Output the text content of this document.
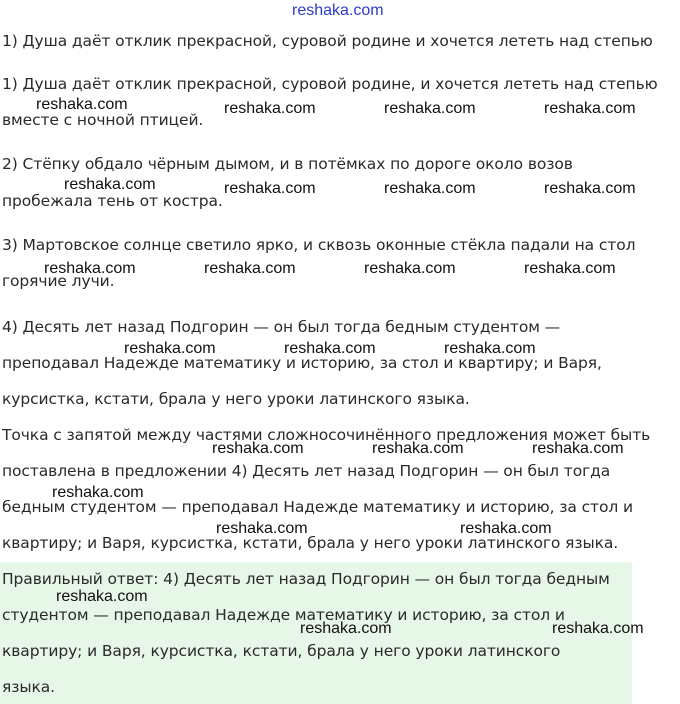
reshaka.com
1) Душа даёт отклик прекрасной, суровой родине и хочется лететь над степью
1) Душа даёт отклик прекрасной, суровой родине, и хочется лететь над степью
вместе с ночной птицей.
2) Стёпку обдало чёрным дымом, и в потёмках по дороге около возов
пробежала тень от костра.
3) Мартовское солнце светило ярко, и сквозь оконные стёкла падали на стол
горячие лучи.
4) Десять лет назад Подгорин — он был тогда бедным студентом —
преподавал Надежде математику и историю, за стол и квартиру; и Варя,
курсистка, кстати, брала у него уроки латинского языка.
Точка с запятой между частями сложносочинённого предложения может быть
поставлена в предложении 4) Десять лет назад Подгорин — он был тогда
бедным студентом — преподавал Надежде математику и историю, за стол и
квартиру; и Варя, курсистка, кстати, брала у него уроки латинского языка.
Правильный ответ: 4) Десять лет назад Подгорин — он был тогда бедным
студентом — преподавал Надежде математику и историю, за стол и
квартиру; и Варя, курсистка, кстати, брала у него уроки латинского
языка.
reshaka.com	reshaka.com	reshaka.com	reshaka.com
reshaka.com	reshaka.com	reshaka.com	reshaka.com
reshaka.com	reshaka.com	reshaka.com	reshaka.com
reshaka.com	reshaka.com	reshaka.com
reshaka.com	reshaka.com	reshaka.com
reshaka.com
reshaka.com	reshaka.com
reshaka.com
reshaka.com	reshaka.com
